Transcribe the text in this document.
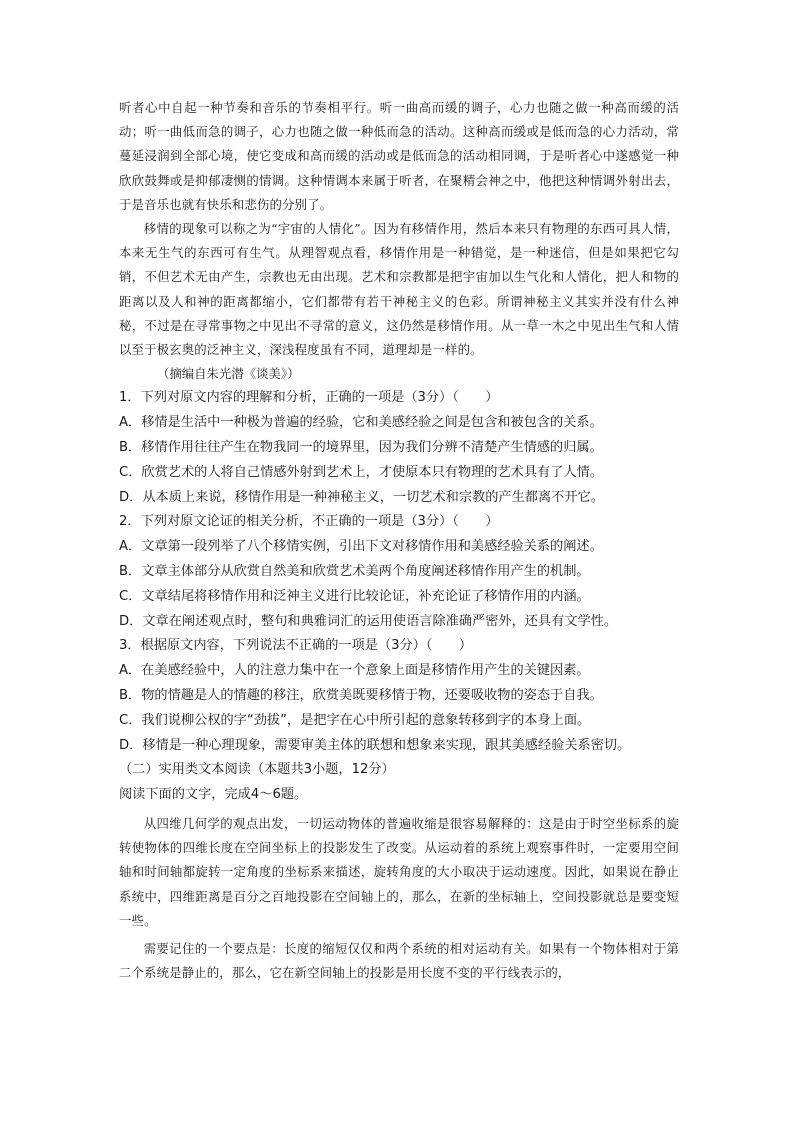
听者心中自起一种节奏和音乐的节奏相平行。听一曲高而缓的调子，心力也随之做一种高而缓的活动；听一曲低而急的调子，心力也随之做一种低而急的活动。这种高而缓或是低而急的心力活动，常蔓延浸润到全部心境，使它变成和高而缓的活动或是低而急的活动相同调，于是听者心中遂感觉一种欣欣鼓舞或是抑郁凄恻的情调。这种情调本来属于听者，在聚精会神之中，他把这种情调外射出去，于是音乐也就有快乐和悲伤的分别了。

移情的现象可以称之为“宇宙的人情化”。因为有移情作用，然后本来只有物理的东西可具人情，本来无生气的东西可有生气。从理智观点看，移情作用是一种错觉，是一种迷信，但是如果把它勾销，不但艺术无由产生，宗教也无由出现。艺术和宗教都是把宇宙加以生气化和人情化，把人和物的距离以及人和神的距离都缩小，它们都带有若干神秘主义的色彩。所谓神秘主义其实并没有什么神秘，不过是在寻常事物之中见出不寻常的意义，这仍然是移情作用。从一草一木之中见出生气和人情以至于极玄奥的泛神主义，深浅程度虽有不同，道理却是一样的。

（摘编自朱光潜《谈美》）

1．下列对原文内容的理解和分析，正确的一项是（3分）（　　）

A．移情是生活中一种极为普遍的经验，它和美感经验之间是包含和被包含的关系。

B．移情作用往往产生在物我同一的境界里，因为我们分辨不清楚产生情感的归属。

C．欣赏艺术的人将自己情感外射到艺术上，才使原本只有物理的艺术具有了人情。

D．从本质上来说，移情作用是一种神秘主义，一切艺术和宗教的产生都离不开它。

2．下列对原文论证的相关分析，不正确的一项是（3分）（　　）

A．文章第一段列举了八个移情实例，引出下文对移情作用和美感经验关系的阐述。

B．文章主体部分从欣赏自然美和欣赏艺术美两个角度阐述移情作用产生的机制。

C．文章结尾将移情作用和泛神主义进行比较论证，补充论证了移情作用的内涵。

D．文章在阐述观点时，整句和典雅词汇的运用使语言除准确严密外，还具有文学性。

3．根据原文内容，下列说法不正确的一项是（3分）（　　）

A．在美感经验中，人的注意力集中在一个意象上面是移情作用产生的关键因素。

B．物的情趣是人的情趣的移注，欣赏美既要移情于物，还要吸收物的姿态于自我。

C．我们说柳公权的字“劲拔”，是把字在心中所引起的意象转移到字的本身上面。

D．移情是一种心理现象，需要审美主体的联想和想象来实现，跟其美感经验关系密切。

（二）实用类文本阅读（本题共3小题，12分）

阅读下面的文字，完成4～6题。

从四维几何学的观点出发，一切运动物体的普遍收缩是很容易解释的：这是由于时空坐标系的旋转使物体的四维长度在空间坐标上的投影发生了改变。从运动着的系统上观察事件时，一定要用空间轴和时间轴都旋转一定角度的坐标系来描述，旋转角度的大小取决于运动速度。因此，如果说在静止系统中，四维距离是百分之百地投影在空间轴上的，那么，在新的坐标轴上，空间投影就总是要变短一些。

需要记住的一个要点是：长度的缩短仅仅和两个系统的相对运动有关。如果有一个物体相对于第二个系统是静止的，那么，它在新空间轴上的投影是用长度不变的平行线表示的，
